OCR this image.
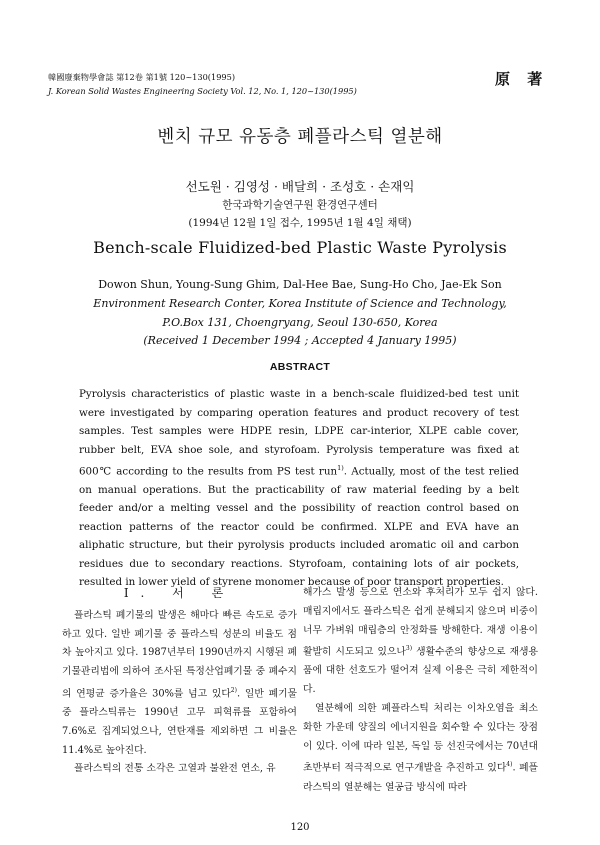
韓國廢棄物學會誌 第12卷 第1號 120~130(1995)
J. Korean Solid Wastes Engineering Society Vol. 12, No. 1, 120~130(1995)
原 著
벤치 규모 유동층 폐플라스틱 열분해
선도원 · 김영성 · 배달희 · 조성호 · 손재익
한국과학기술연구원 환경연구센터
(1994년 12월 1일 접수, 1995년 1월 4일 채택)
Bench-scale Fluidized-bed Plastic Waste Pyrolysis
Dowon Shun, Young-Sung Ghim, Dal-Hee Bae, Sung-Ho Cho, Jae-Ek Son
Environment Research Conter, Korea Institute of Science and Technology,
P.O.Box 131, Choengryang, Seoul 130-650, Korea
(Received 1 December 1994 ; Accepted 4 January 1995)
ABSTRACT
Pyrolysis characteristics of plastic waste in a bench-scale fluidized-bed test unit were investigated by comparing operation features and product recovery of test samples. Test samples were HDPE resin, LDPE car-interior, XLPE cable cover, rubber belt, EVA shoe sole, and styrofoam. Pyrolysis temperature was fixed at 600℃ according to the results from PS test run$^{1)}$. Actually, most of the test relied on manual operations. But the practicability of raw material feeding by a belt feeder and/or a melting vessel and the possibility of reaction control based on reaction patterns of the reactor could be confirmed. XLPE and EVA have an aliphatic structure, but their pyrolysis products included aromatic oil and carbon residues due to secondary reactions. Styrofoam, containing lots of air pockets, resulted in lower yield of styrene monomer because of poor transport properties.
I. 서 론

플라스틱 폐기물의 발생은 해마다 빠른 속도로 증가하고 있다. 일반 폐기물 중 플라스틱 성분의 비율도 점차 높아지고 있다. 1987년부터 1990년까지 시행된 폐기물관리법에 의하여 조사된 특정산업폐기물 중 폐수지의 연평균 증가율은 30%를 넘고 있다$^{2)}$. 일반 폐기물 중 플라스틱류는 1990년 고무 피혁류를 포함하여 7.6%로 집계되었으나, 연탄재를 제외하면 그 비율은 11.4%로 높아진다.

플라스틱의 전통 소각은 고열과 불완전 연소, 유

해가스 발생 등으로 연소와 후처리가 모두 쉽지 않다. 매립지에서도 플라스틱은 쉽게 분해되지 않으며 비중이 너무 가벼워 매립층의 안정화를 방해한다. 재생 이용이 활발히 시도되고 있으나$^{3)}$ 생활수준의 향상으로 재생용품에 대한 선호도가 떨어져 실제 이용은 극히 제한적이다.

열분해에 의한 폐플라스틱 처리는 이차오염을 최소화한 가운데 양질의 에너지원을 회수할 수 있다는 장점이 있다. 이에 따라 일본, 독일 등 선진국에서는 70년대 초반부터 적극적으로 연구개발을 추진하고 있다$^{4)}$. 폐플라스틱의 열분해는 열공급 방식에 따라

120
